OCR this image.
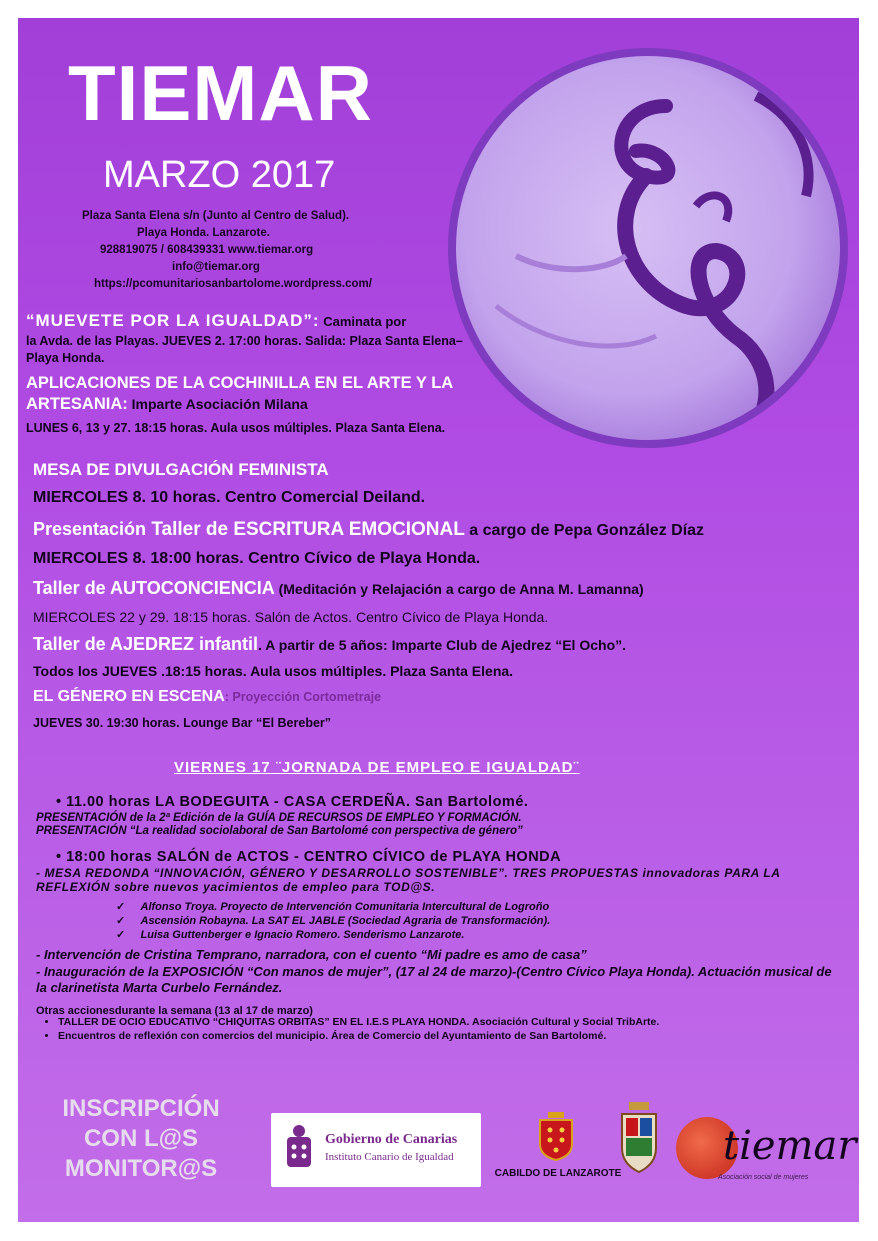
TIEMAR
MARZO 2017
Plaza Santa Elena s/n (Junto al Centro de Salud).
Playa Honda. Lanzarote.
928819075 / 608439331 www.tiemar.org
info@tiemar.org
https://pcomunitariosanbartolome.wordpress.com/
“MUEVETE POR LA IGUALDAD”: Caminata por
la Avda. de las Playas. JUEVES 2. 17:00 horas. Salida: Plaza Santa Elena– Playa Honda.
APLICACIONES DE LA COCHINILLA EN EL ARTE Y LA
ARTESANIA: Imparte Asociación Milana
LUNES 6, 13 y 27. 18:15 horas. Aula usos múltiples. Plaza Santa Elena.
MESA DE DIVULGACIÓN FEMINISTA
MIERCOLES 8. 10 horas. Centro Comercial Deiland.
Presentación Taller de ESCRITURA EMOCIONAL a cargo de Pepa González Díaz
MIERCOLES 8. 18:00 horas. Centro Cívico de Playa Honda.
Taller de AUTOCONCIENCIA (Meditación y Relajación a cargo de Anna M. Lamanna)
MIERCOLES 22 y 29. 18:15 horas. Salón de Actos. Centro Cívico de Playa Honda.
Taller de AJEDREZ infantil. A partir de 5 años: Imparte Club de Ajedrez “El Ocho”.
Todos los JUEVES .18:15 horas. Aula usos múltiples. Plaza Santa Elena.
EL GÉNERO EN ESCENA: Proyección Cortometraje
JUEVES 30. 19:30 horas. Lounge Bar “El Bereber”
VIERNES 17 ¨JORNADA DE EMPLEO E IGUALDAD¨
• 11.00 horas LA BODEGUITA - CASA CERDEÑA. San Bartolomé.
PRESENTACIÓN de la 2ª Edición de la GUÍA DE RECURSOS DE EMPLEO Y FORMACIÓN.
PRESENTACIÓN “La realidad sociolaboral de San Bartolomé con perspectiva de género”
• 18:00 horas SALÓN de ACTOS - CENTRO CÍVICO de PLAYA HONDA
- MESA REDONDA “INNOVACIÓN, GÉNERO Y DESARROLLO SOSTENIBLE”. TRES PROPUESTAS innovadoras PARA LA REFLEXIÓN sobre nuevos yacimientos de empleo para TOD@S.
✓ Alfonso Troya. Proyecto de Intervención Comunitaria Intercultural de Logroño
✓ Ascensión Robayna. La SAT EL JABLE (Sociedad Agraria de Transformación).
✓ Luisa Guttenberger e Ignacio Romero. Senderismo Lanzarote.
- Intervención de Cristina Temprano, narradora, con el cuento “Mi padre es amo de casa”
- Inauguración de la EXPOSICIÓN “Con manos de mujer”, (17 al 24 de marzo)-(Centro Cívico Playa Honda). Actuación musical de la clarinetista Marta Curbelo Fernández.
Otras accionesdurante la semana (13 al 17 de marzo)
• TALLER DE OCIO EDUCATIVO “CHIQUITAS ORBITAS” EN EL I.E.S PLAYA HONDA. Asociación Cultural y Social TribArte.
• Encuentros de reflexión con comercios del municipio. Área de Comercio del Ayuntamiento de San Bartolomé.
INSCRIPCIÓN
CON L@S
MONITOR@S
Gobierno de Canarias
Instituto Canario de Igualdad
CABILDO DE LANZAROTE
tiemar
Asociación social de mujeres
